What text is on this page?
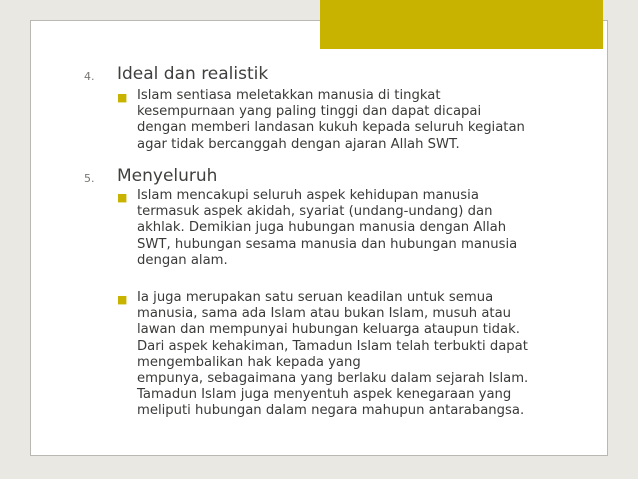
4. Ideal dan realistik
■ Islam sentiasa meletakkan manusia di tingkat
kesempurnaan yang paling tinggi dan dapat dicapai
dengan memberi landasan kukuh kepada seluruh kegiatan
agar tidak bercanggah dengan ajaran Allah SWT.
5. Menyeluruh
■ Islam mencakupi seluruh aspek kehidupan manusia
termasuk aspek akidah, syariat (undang-undang) dan
akhlak. Demikian juga hubungan manusia dengan Allah
SWT, hubungan sesama manusia dan hubungan manusia
dengan alam.
■ Ia juga merupakan satu seruan keadilan untuk semua
manusia, sama ada Islam atau bukan Islam, musuh atau
lawan dan mempunyai hubungan keluarga ataupun tidak.
Dari aspek kehakiman, Tamadun Islam telah terbukti dapat
mengembalikan hak kepada yang
empunya, sebagaimana yang berlaku dalam sejarah Islam.
Tamadun Islam juga menyentuh aspek kenegaraan yang
meliputi hubungan dalam negara mahupun antarabangsa.
